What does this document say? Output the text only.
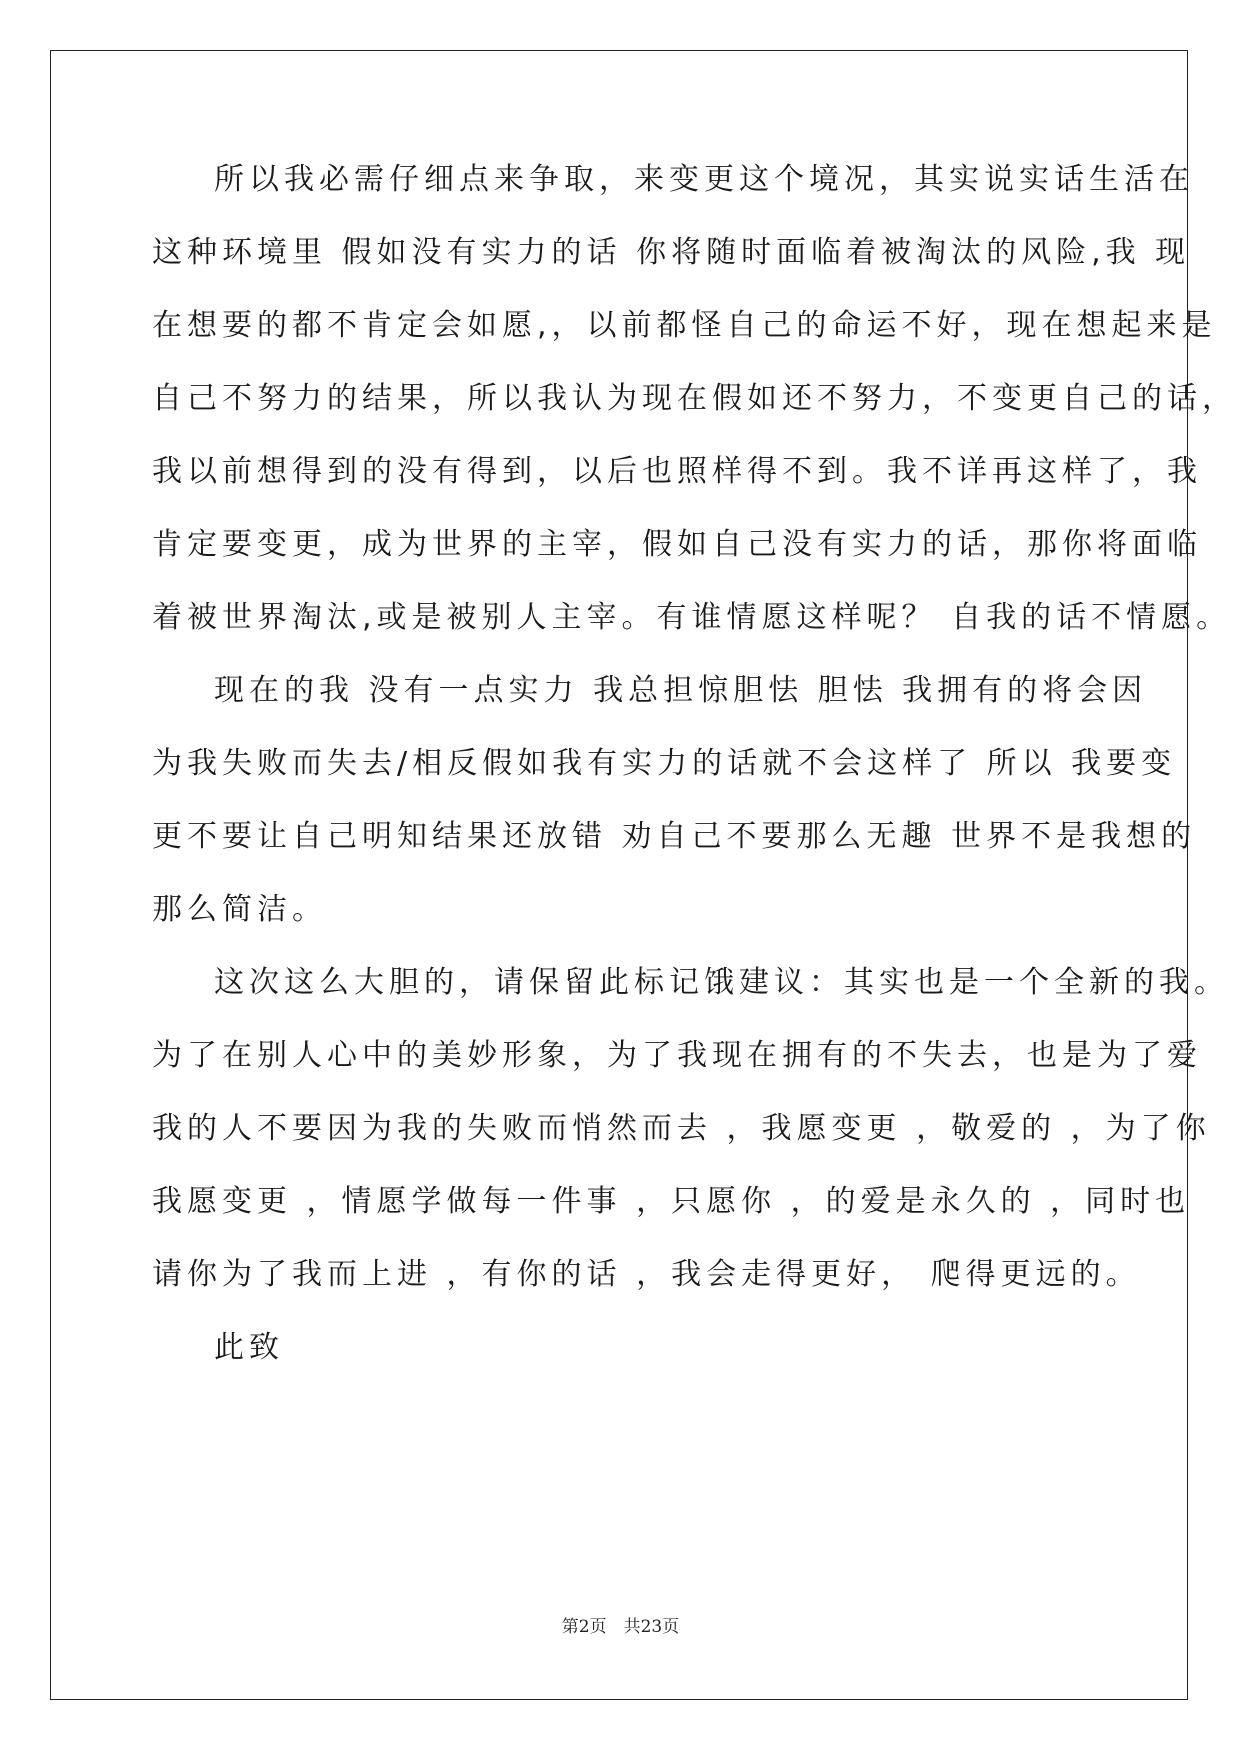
所以我必需仔细点来争取，来变更这个境况，其实说实话生活在
这种环境里 假如没有实力的话 你将随时面临着被淘汰的风险,我 现
在想要的都不肯定会如愿,，以前都怪自己的命运不好，现在想起来是
自己不努力的结果，所以我认为现在假如还不努力，不变更自己的话，
我以前想得到的没有得到，以后也照样得不到。我不详再这样了，我
肯定要变更，成为世界的主宰，假如自己没有实力的话，那你将面临
着被世界淘汰,或是被别人主宰。有谁情愿这样呢？ 自我的话不情愿。
现在的我 没有一点实力 我总担惊胆怯 胆怯 我拥有的将会因
为我失败而失去/相反假如我有实力的话就不会这样了 所以 我要变
更不要让自己明知结果还放错 劝自己不要那么无趣 世界不是我想的
那么简洁。
这次这么大胆的，请保留此标记饿建议：其实也是一个全新的我。
为了在别人心中的美妙形象，为了我现在拥有的不失去，也是为了爱
我的人不要因为我的失败而悄然而去 ，我愿变更 ，敬爱的 ，为了你
我愿变更 ，情愿学做每一件事 ，只愿你 ，的爱是永久的 ，同时也
请你为了我而上进 ，有你的话 ，我会走得更好， 爬得更远的。
此致
第2页　共23页
